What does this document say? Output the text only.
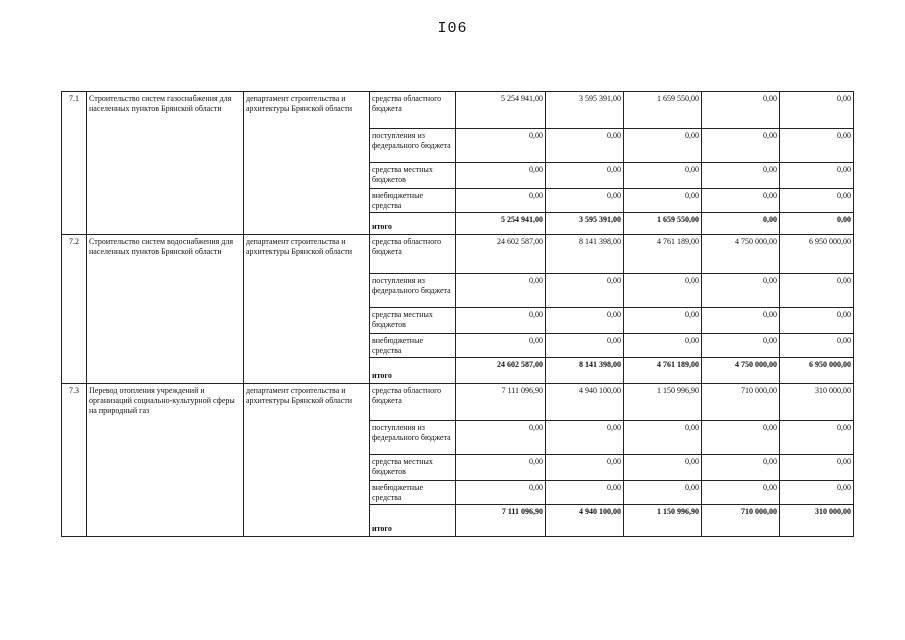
I06
7.1	Строительство систем газоснабжения для населенных пунктов Брянской области	департамент строительства и архитектуры Брянской области	средства областного бюджета	5 254 941,00	3 595 391,00	1 659 550,00	0,00	0,00
			поступления из федерального бюджета	0,00	0,00	0,00	0,00	0,00
			средства местных бюджетов	0,00	0,00	0,00	0,00	0,00
			внебюджетные средства	0,00	0,00	0,00	0,00	0,00
			итого	5 254 941,00	3 595 391,00	1 659 550,00	0,00	0,00
7.2	Строительство систем водоснабжения для населенных пунктов Брянской области	департамент строительства и архитектуры Брянской области	средства областного бюджета	24 602 587,00	8 141 398,00	4 761 189,00	4 750 000,00	6 950 000,00
			поступления из федерального бюджета	0,00	0,00	0,00	0,00	0,00
			средства местных бюджетов	0,00	0,00	0,00	0,00	0,00
			внебюджетные средства	0,00	0,00	0,00	0,00	0,00
			итого	24 602 587,00	8 141 398,00	4 761 189,00	4 750 000,00	6 950 000,00
7.3	Перевод отопления учреждений и организаций социально-культурной сферы на природный газ	департамент строительства и архитектуры Брянской области	средства областного бюджета	7 111 096,90	4 940 100,00	1 150 996,90	710 000,00	310 000,00
			поступления из федерального бюджета	0,00	0,00	0,00	0,00	0,00
			средства местных бюджетов	0,00	0,00	0,00	0,00	0,00
			внебюджетные средства	0,00	0,00	0,00	0,00	0,00
			итого	7 111 096,90	4 940 100,00	1 150 996,90	710 000,00	310 000,00
